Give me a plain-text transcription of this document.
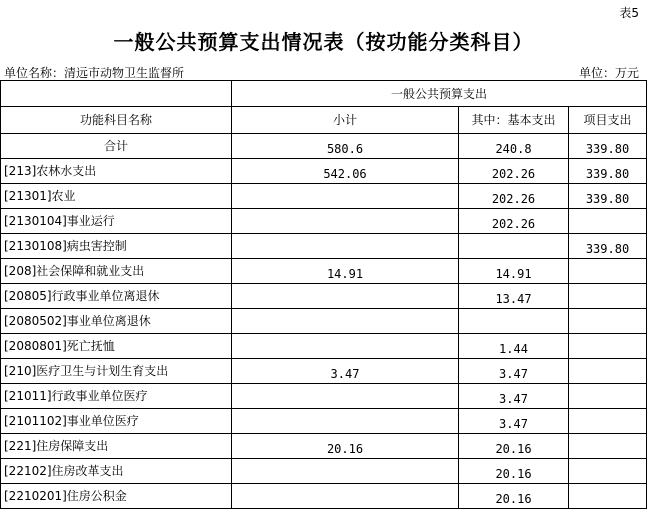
表5
一般公共预算支出情况表（按功能分类科目）
单位名称：清远市动物卫生监督所	单位：万元
	一般公共预算支出		
功能科目名称	小计	其中：基本支出	项目支出
合计	580.6	240.8	339.80
[213]农林水支出	542.06	202.26	339.80
[21301]农业		202.26	339.80
[2130104]事业运行		202.26	
[2130108]病虫害控制			339.80
[208]社会保障和就业支出	14.91	14.91	
[20805]行政事业单位离退休		13.47	
[2080502]事业单位离退休			
[2080801]死亡抚恤		1.44	
[210]医疗卫生与计划生育支出	3.47	3.47	
[21011]行政事业单位医疗		3.47	
[2101102]事业单位医疗		3.47	
[221]住房保障支出	20.16	20.16	
[22102]住房改革支出		20.16	
[2210201]住房公积金		20.16	
